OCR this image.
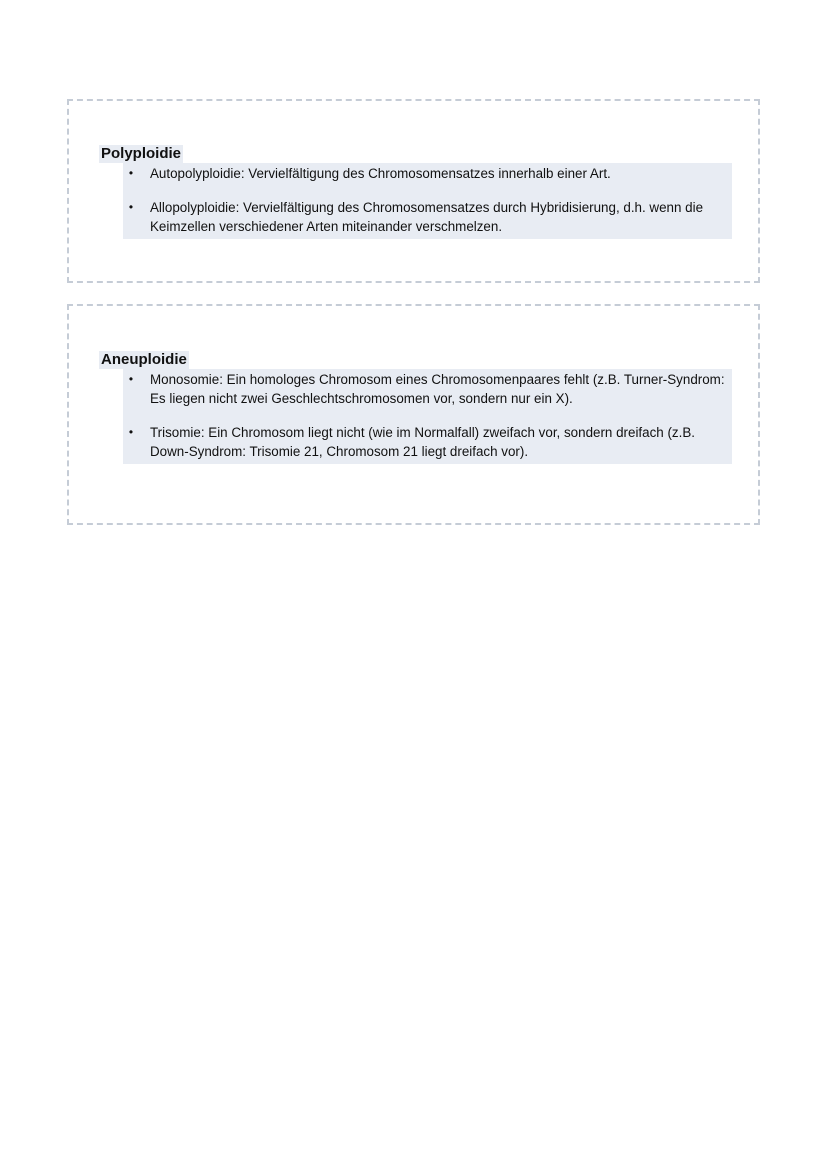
Polyploidie
• Autopolyploidie: Vervielfältigung des Chromosomensatzes innerhalb einer Art.
• Allopolyploidie: Vervielfältigung des Chromosomensatzes durch Hybridisierung, d.h. wenn die Keimzellen verschiedener Arten miteinander verschmelzen.
Aneuploidie
• Monosomie: Ein homologes Chromosom eines Chromosomenpaares fehlt (z.B. Turner-Syndrom: Es liegen nicht zwei Geschlechtschromosomen vor, sondern nur ein X).
• Trisomie: Ein Chromosom liegt nicht (wie im Normalfall) zweifach vor, sondern dreifach (z.B. Down-Syndrom: Trisomie 21, Chromosom 21 liegt dreifach vor).
